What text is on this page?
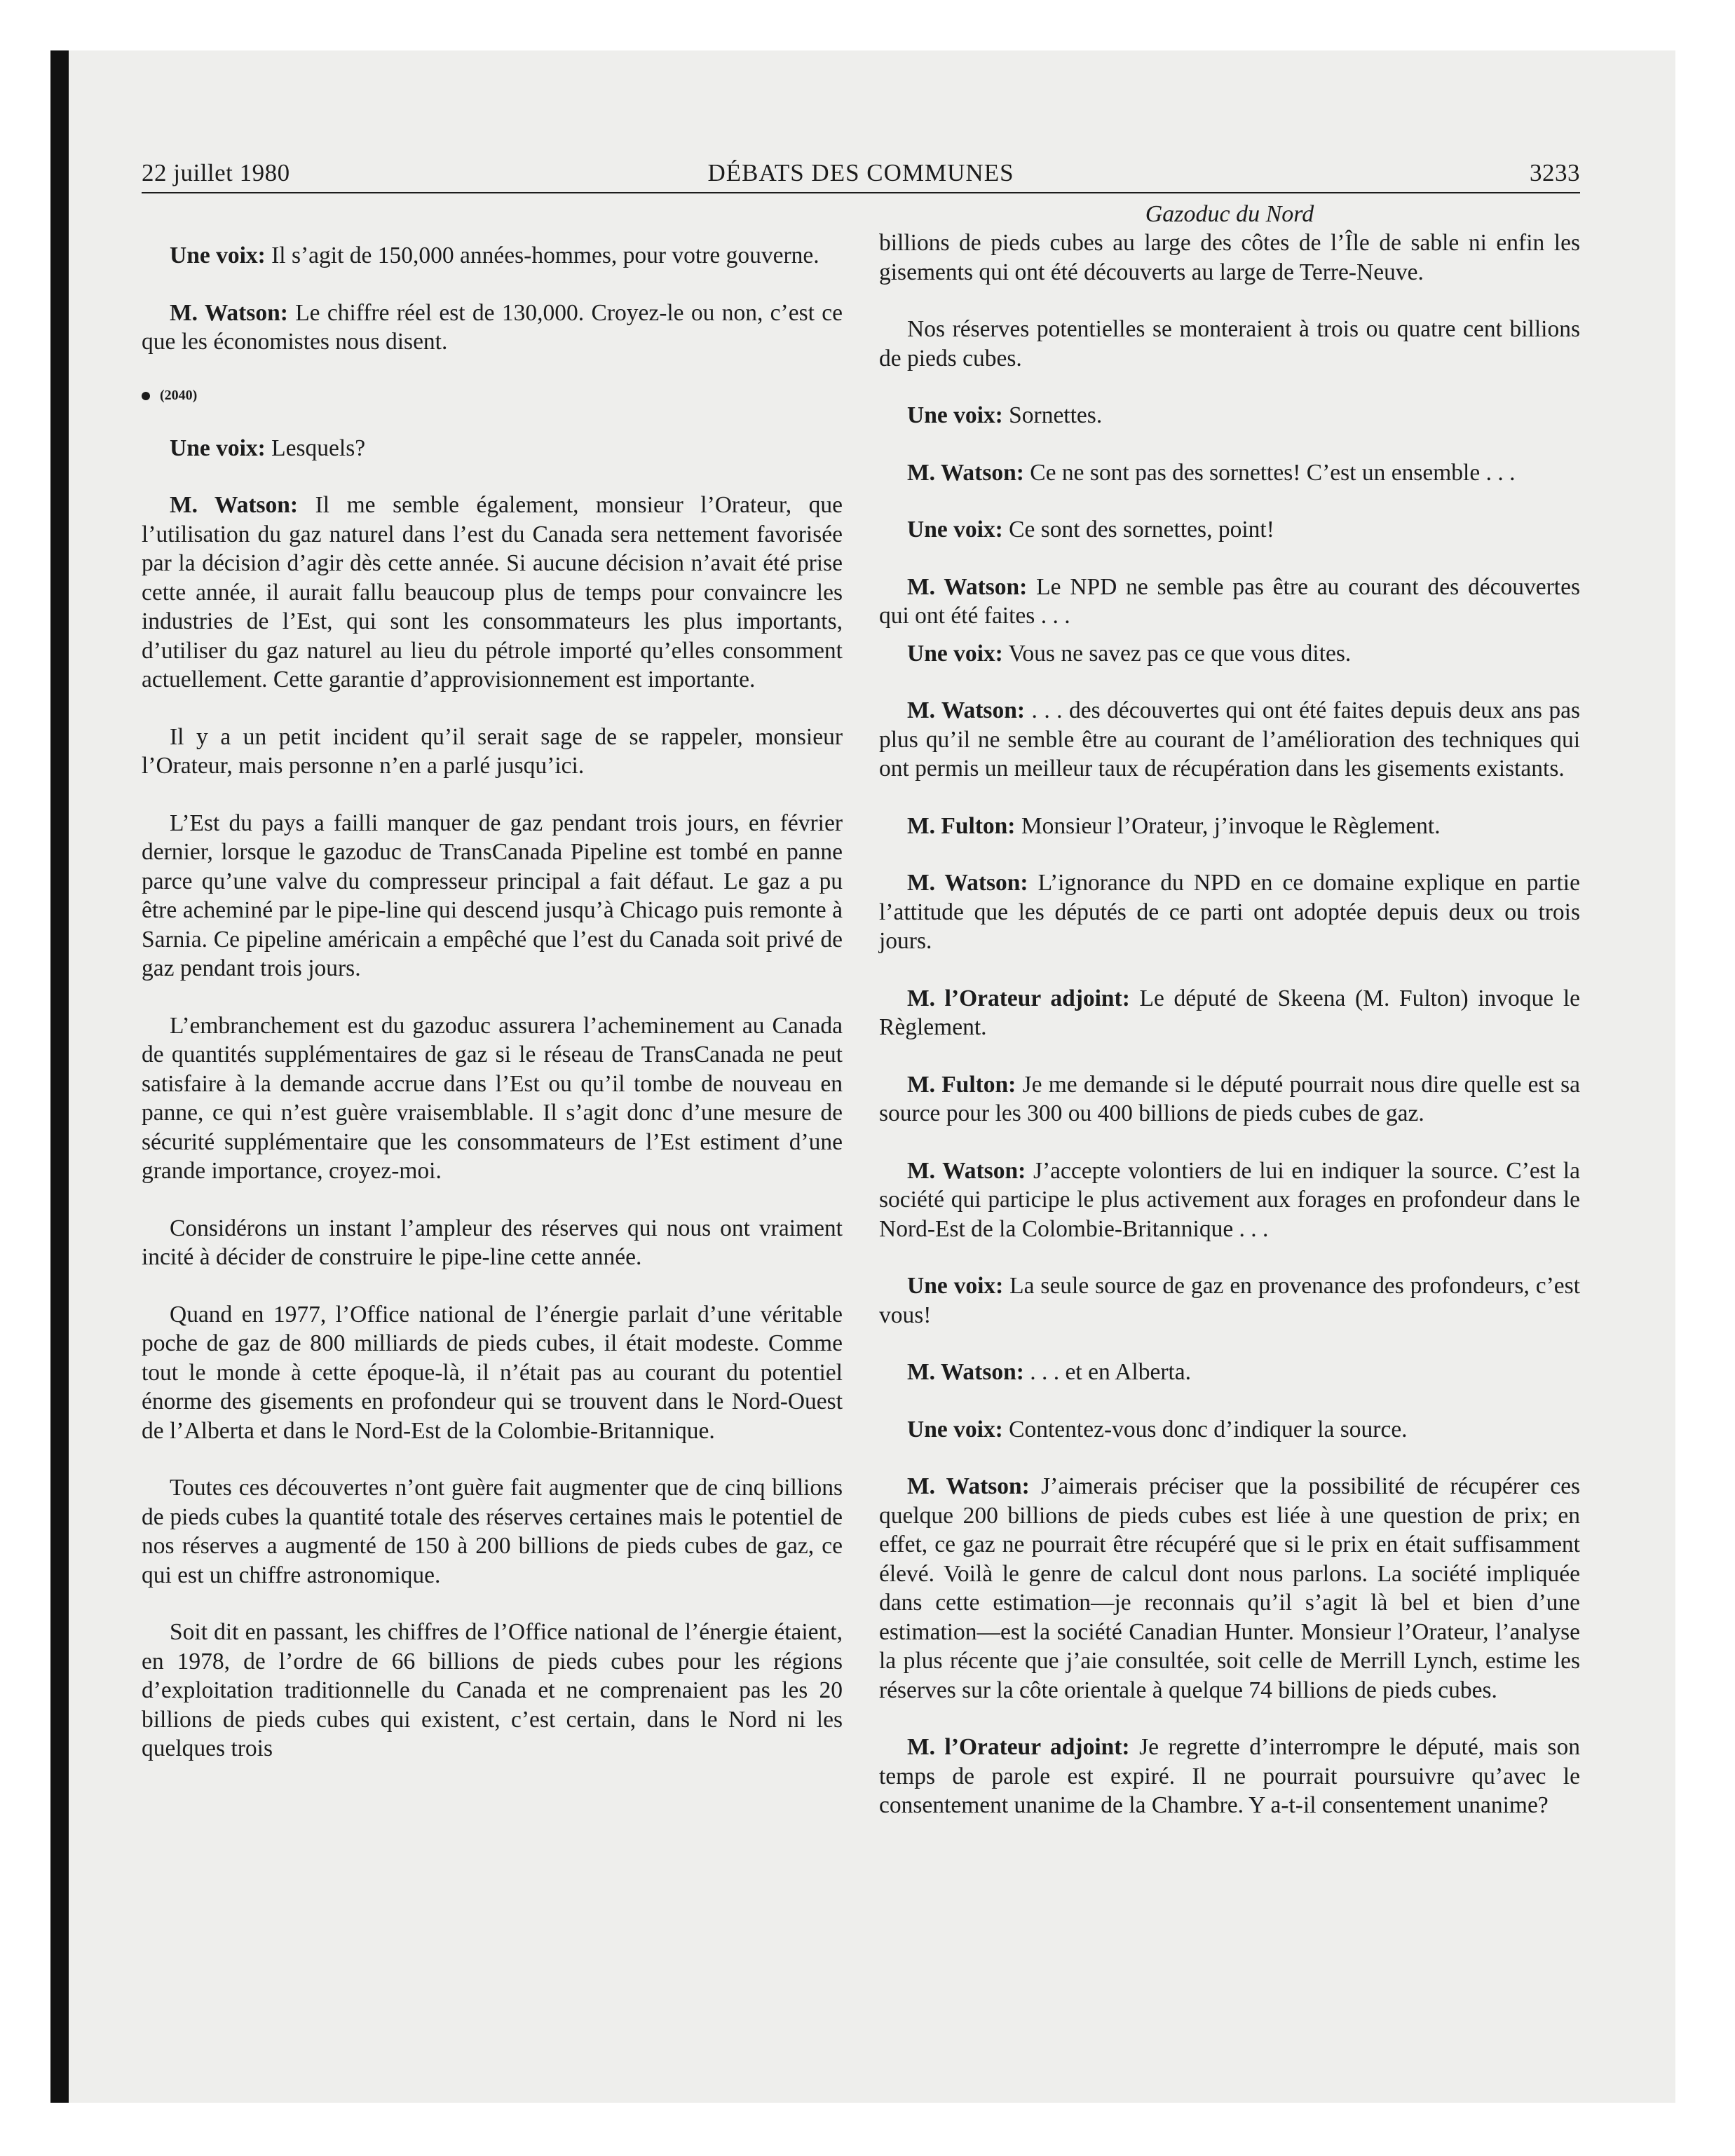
22 juillet 1980	DÉBATS DES COMMUNES	3233

Une voix: Il s’agit de 150,000 années-hommes, pour votre gouverne.

M. Watson: Le chiffre réel est de 130,000. Croyez-le ou non, c’est ce que les économistes nous disent.

(2040)

Une voix: Lesquels?

M. Watson: Il me semble également, monsieur l’Orateur, que l’utilisation du gaz naturel dans l’est du Canada sera nettement favorisée par la décision d’agir dès cette année. Si aucune décision n’avait été prise cette année, il aurait fallu beaucoup plus de temps pour convaincre les industries de l’Est, qui sont les consommateurs les plus importants, d’utiliser du gaz naturel au lieu du pétrole importé qu’elles consomment actuellement. Cette garantie d’approvisionnement est importante.

Il y a un petit incident qu’il serait sage de se rappeler, monsieur l’Orateur, mais personne n’en a parlé jusqu’ici.

L’Est du pays a failli manquer de gaz pendant trois jours, en février dernier, lorsque le gazoduc de TransCanada Pipeline est tombé en panne parce qu’une valve du compresseur principal a fait défaut. Le gaz a pu être acheminé par le pipe-line qui descend jusqu’à Chicago puis remonte à Sarnia. Ce pipeline américain a empêché que l’est du Canada soit privé de gaz pendant trois jours.

L’embranchement est du gazoduc assurera l’acheminement au Canada de quantités supplémentaires de gaz si le réseau de TransCanada ne peut satisfaire à la demande accrue dans l’Est ou qu’il tombe de nouveau en panne, ce qui n’est guère vraisemblable. Il s’agit donc d’une mesure de sécurité supplémentaire que les consommateurs de l’Est estiment d’une grande importance, croyez-moi.

Considérons un instant l’ampleur des réserves qui nous ont vraiment incité à décider de construire le pipe-line cette année.

Quand en 1977, l’Office national de l’énergie parlait d’une véritable poche de gaz de 800 milliards de pieds cubes, il était modeste. Comme tout le monde à cette époque-là, il n’était pas au courant du potentiel énorme des gisements en profondeur qui se trouvent dans le Nord-Ouest de l’Alberta et dans le Nord-Est de la Colombie-Britannique.

Toutes ces découvertes n’ont guère fait augmenter que de cinq billions de pieds cubes la quantité totale des réserves certaines mais le potentiel de nos réserves a augmenté de 150 à 200 billions de pieds cubes de gaz, ce qui est un chiffre astronomique.

Soit dit en passant, les chiffres de l’Office national de l’énergie étaient, en 1978, de l’ordre de 66 billions de pieds cubes pour les régions d’exploitation traditionnelle du Canada et ne comprenaient pas les 20 billions de pieds cubes qui existent, c’est certain, dans le Nord ni les quelques trois

Gazoduc du Nord

billions de pieds cubes au large des côtes de l’Île de sable ni enfin les gisements qui ont été découverts au large de Terre-Neuve.

Nos réserves potentielles se monteraient à trois ou quatre cent billions de pieds cubes.

Une voix: Sornettes.

M. Watson: Ce ne sont pas des sornettes! C’est un ensemble . . .

Une voix: Ce sont des sornettes, point!

M. Watson: Le NPD ne semble pas être au courant des découvertes qui ont été faites . . .

Une voix: Vous ne savez pas ce que vous dites.

M. Watson: . . . des découvertes qui ont été faites depuis deux ans pas plus qu’il ne semble être au courant de l’amélioration des techniques qui ont permis un meilleur taux de récupération dans les gisements existants.

M. Fulton: Monsieur l’Orateur, j’invoque le Règlement.

M. Watson: L’ignorance du NPD en ce domaine explique en partie l’attitude que les députés de ce parti ont adoptée depuis deux ou trois jours.

M. l’Orateur adjoint: Le député de Skeena (M. Fulton) invoque le Règlement.

M. Fulton: Je me demande si le député pourrait nous dire quelle est sa source pour les 300 ou 400 billions de pieds cubes de gaz.

M. Watson: J’accepte volontiers de lui en indiquer la source. C’est la société qui participe le plus activement aux forages en profondeur dans le Nord-Est de la Colombie-Britannique . . .

Une voix: La seule source de gaz en provenance des profondeurs, c’est vous!

M. Watson: . . . et en Alberta.

Une voix: Contentez-vous donc d’indiquer la source.

M. Watson: J’aimerais préciser que la possibilité de récupérer ces quelque 200 billions de pieds cubes est liée à une question de prix; en effet, ce gaz ne pourrait être récupéré que si le prix en était suffisamment élevé. Voilà le genre de calcul dont nous parlons. La société impliquée dans cette estimation—je reconnais qu’il s’agit là bel et bien d’une estimation—est la société Canadian Hunter. Monsieur l’Orateur, l’analyse la plus récente que j’aie consultée, soit celle de Merrill Lynch, estime les réserves sur la côte orientale à quelque 74 billions de pieds cubes.

M. l’Orateur adjoint: Je regrette d’interrompre le député, mais son temps de parole est expiré. Il ne pourrait poursuivre qu’avec le consentement unanime de la Chambre. Y a-t-il consentement unanime?
